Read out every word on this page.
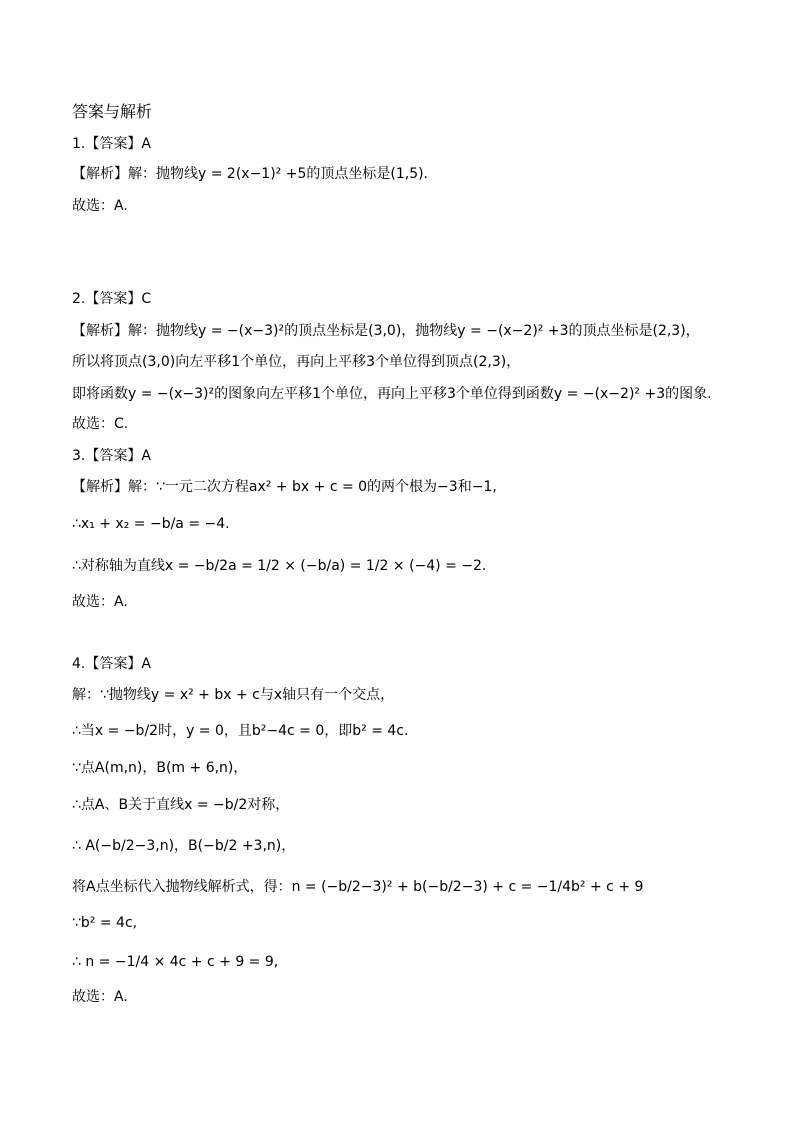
答案与解析
1.【答案】A
【解析】解：抛物线y = 2(x−1)² +5的顶点坐标是(1,5).
故选：A.
2.【答案】C
【解析】解：抛物线y = −(x−3)²的顶点坐标是(3,0)，抛物线y = −(x−2)² +3的顶点坐标是(2,3)，
所以将顶点(3,0)向左平移1个单位，再向上平移3个单位得到顶点(2,3)，
即将函数y = −(x−3)²的图象向左平移1个单位，再向上平移3个单位得到函数y = −(x−2)² +3的图象.
故选：C.
3.【答案】A
【解析】解：∵一元二次方程ax² + bx + c = 0的两个根为−3和−1,
∴x₁ + x₂ = −b/a = −4.
∴对称轴为直线x = −b/2a = 1/2 × (−b/a) = 1/2 × (−4) = −2.
故选：A.
4.【答案】A
解：∵抛物线y = x² + bx + c与x轴只有一个交点，
∴当x = −b/2时，y = 0，且b²−4c = 0，即b² = 4c.
∵点A(m,n)，B(m + 6,n)，
∴点A、B关于直线x = −b/2对称，
∴ A(−b/2−3,n)，B(−b/2 +3,n)，
将A点坐标代入抛物线解析式，得：n = (−b/2−3)² + b(−b/2−3) + c = −1/4b² + c + 9
∵b² = 4c,
∴ n = −1/4 × 4c + c + 9 = 9,
故选：A.
